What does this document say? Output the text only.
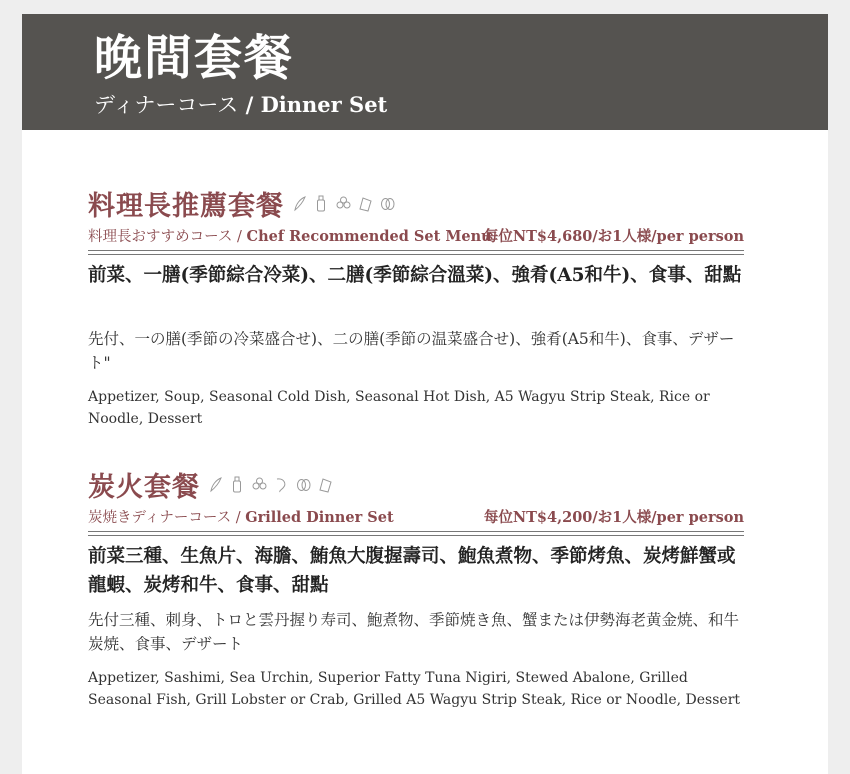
晚間套餐
ディナーコース / Dinner Set
料理長推薦套餐
料理長おすすめコース / Chef Recommended Set Menu
每位NT$4,680/お1人様/per person
前菜、一膳(季節綜合冷菜)、二膳(季節綜合溫菜)、強肴(A5和牛)、食事、甜點
先付、一の膳(季節の冷菜盛合せ)、二の膳(季節の温菜盛合せ)、強肴(A5和牛)、食事、デザート"
Appetizer, Soup, Seasonal Cold Dish, Seasonal Hot Dish, A5 Wagyu Strip Steak, Rice or Noodle, Dessert
炭火套餐
炭焼きディナーコース / Grilled Dinner Set	每位NT$4,200/お1人様/per person
前菜三種、生魚片、海膽、鮪魚大腹握壽司、鮑魚煮物、季節烤魚、炭烤鮮蟹或龍蝦、炭烤和牛、食事、甜點
先付三種、刺身、トロと雲丹握り寿司、鮑煮物、季節焼き魚、蟹または伊勢海老黄金焼、和牛炭焼、食事、デザート
Appetizer, Sashimi, Sea Urchin, Superior Fatty Tuna Nigiri, Stewed Abalone, Grilled Seasonal Fish, Grill Lobster or Crab, Grilled A5 Wagyu Strip Steak, Rice or Noodle, Dessert
